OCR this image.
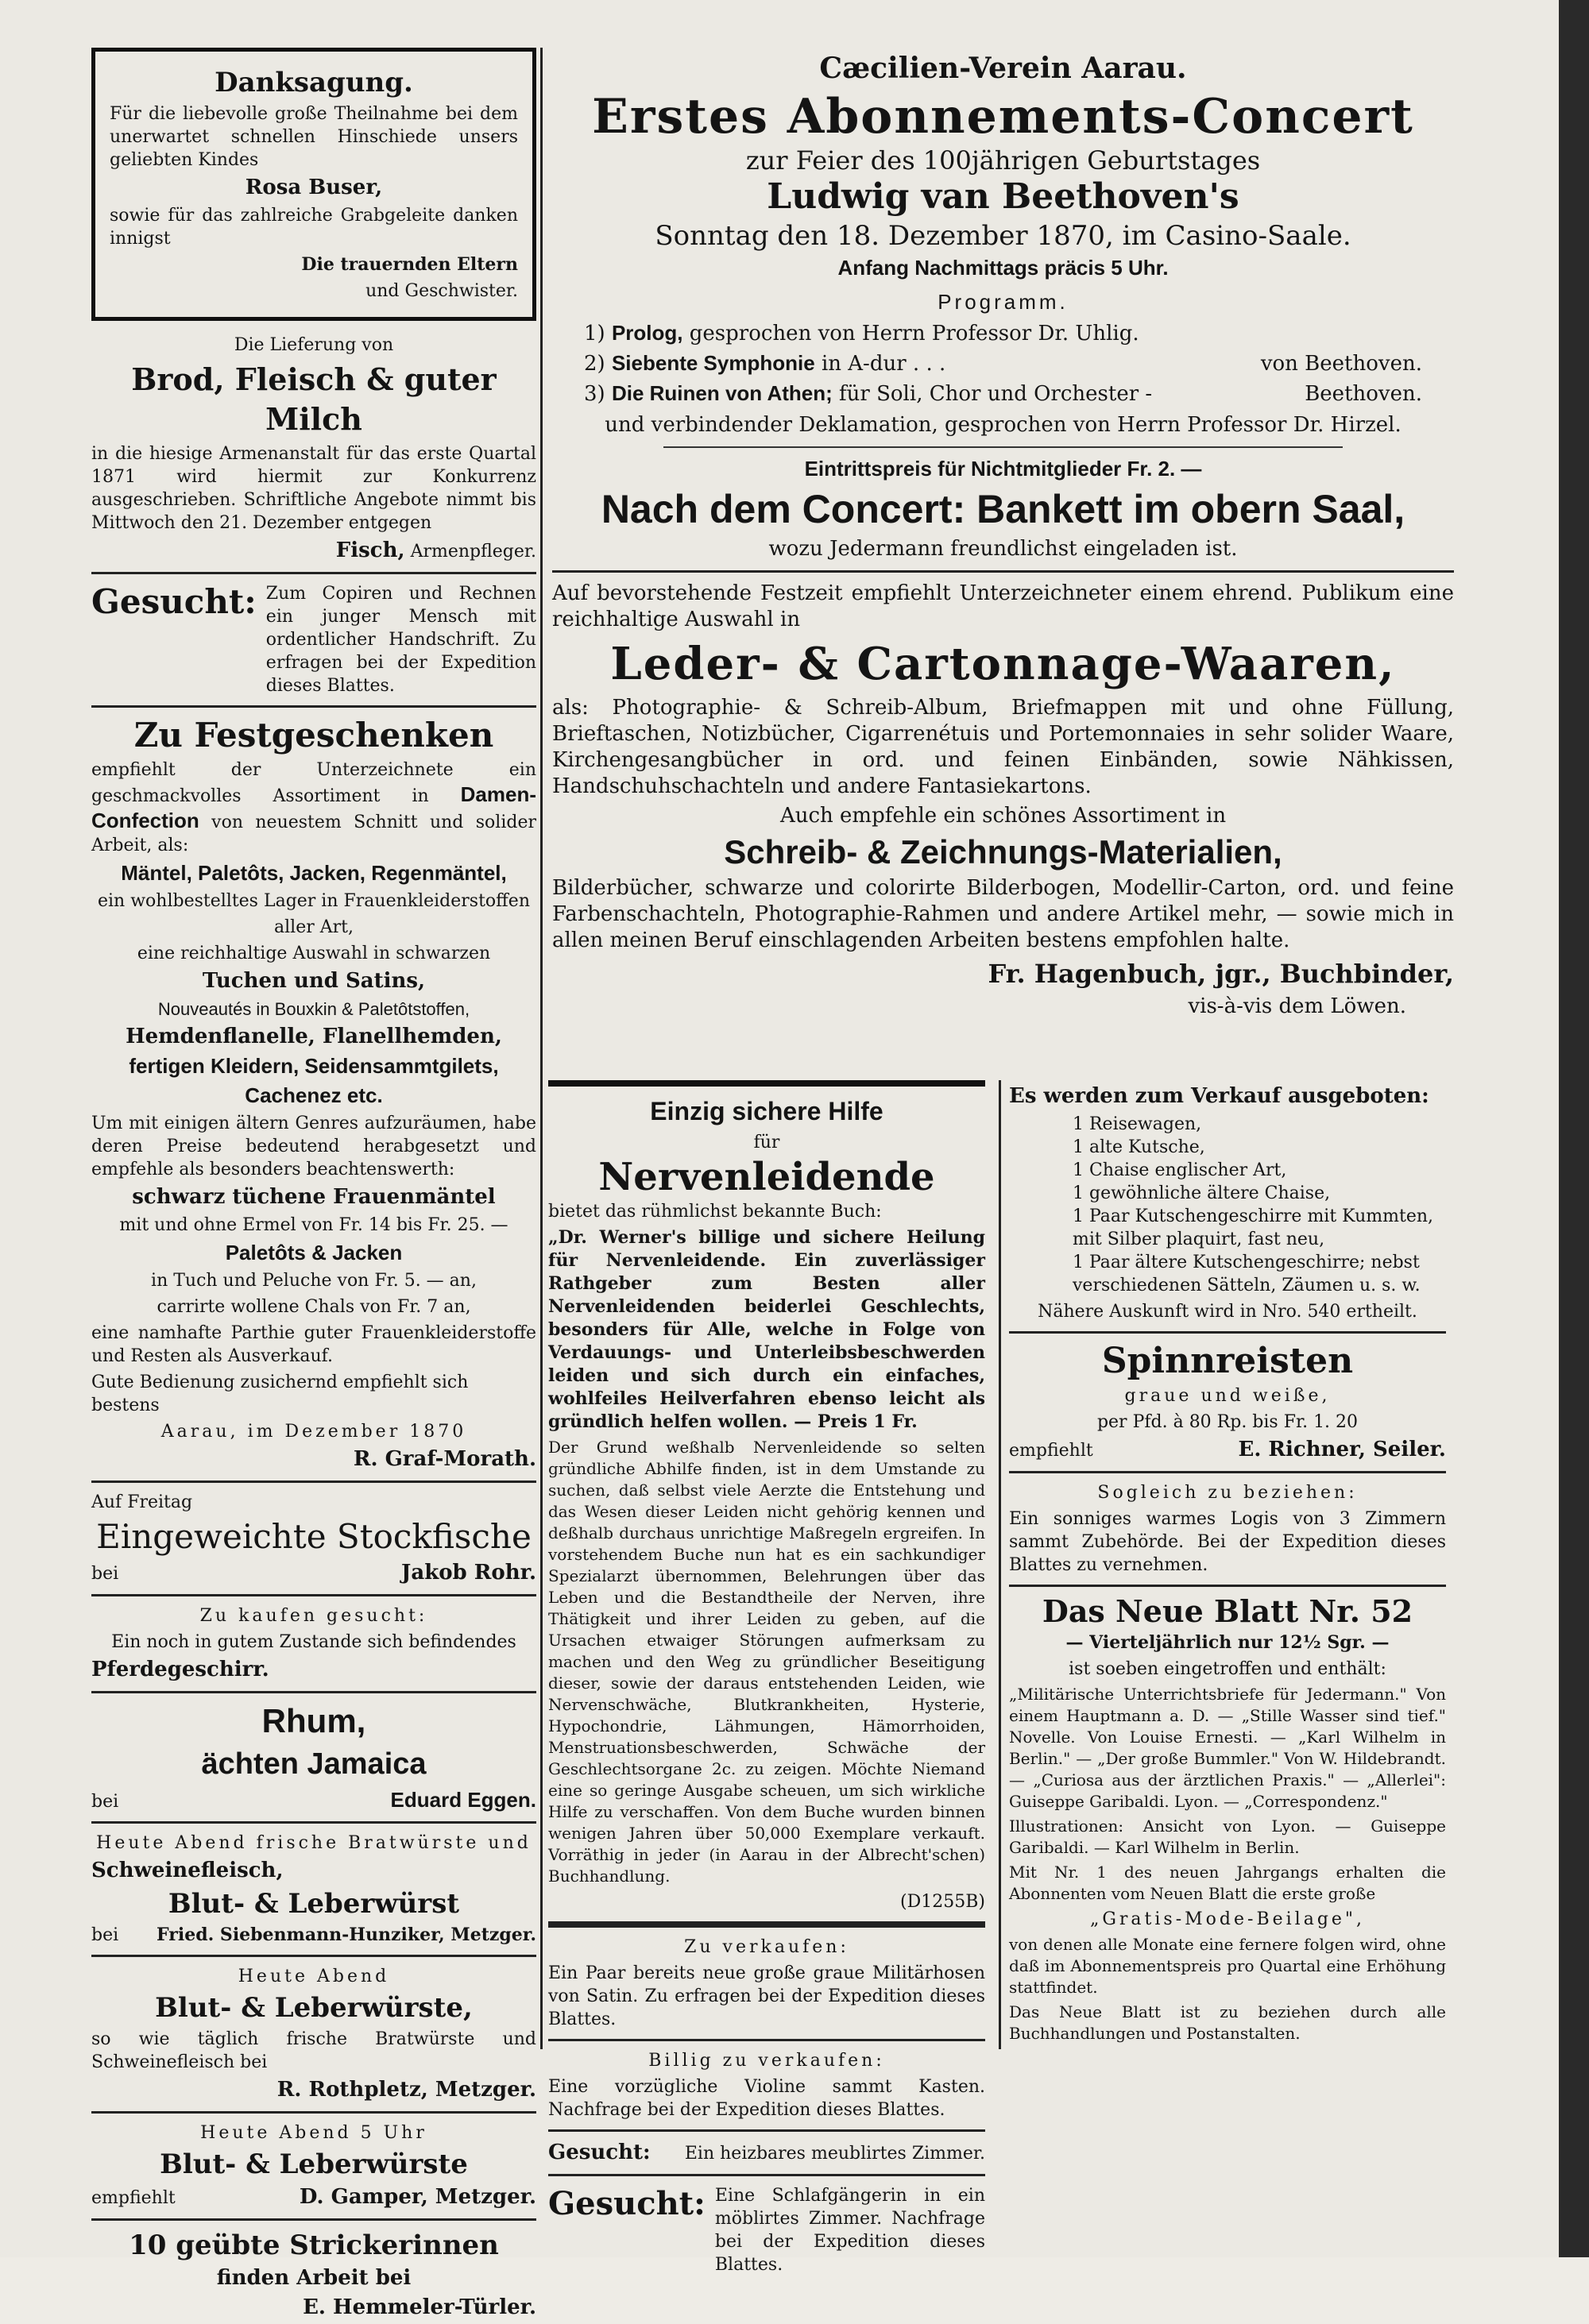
Danksagung.

Für die liebevolle große Theilnahme bei dem unerwartet schnellen Hinschiede unsers geliebten Kindes

Rosa Buser,

sowie für das zahlreiche Grabgeleite danken innigst

Die trauernden Eltern

und Geschwister.

Die Lieferung von

Brod, Fleisch & guter Milch

in die hiesige Armenanstalt für das erste Quartal 1871 wird hiermit zur Konkurrenz ausgeschrieben. Schriftliche Angebote nimmt bis Mittwoch den 21. Dezember entgegen

Fisch, Armenpfleger.

Gesucht: Zum Copiren und Rechnen ein junger Mensch mit ordentlicher Handschrift. Zu erfragen bei der Expedition dieses Blattes.

Zu Festgeschenken

empfiehlt der Unterzeichnete ein geschmackvolles Assortiment in Damen-Confection von neuestem Schnitt und solider Arbeit, als:

Mäntel, Paletôts, Jacken, Regenmäntel,

ein wohlbestelltes Lager in Frauenkleiderstoffen

aller Art,

eine reichhaltige Auswahl in schwarzen

Tuchen und Satins,

Nouveautés in Bouxkin & Paletôtstoffen,

Hemdenflanelle, Flanellhemden,

fertigen Kleidern, Seidensammtgilets,

Cachenez etc.

Um mit einigen ältern Genres aufzuräumen, habe deren Preise bedeutend herabgesetzt und empfehle als besonders beachtenswerth:

schwarz tüchene Frauenmäntel

mit und ohne Ermel von Fr. 14 bis Fr. 25. —

Paletôts & Jacken

in Tuch und Peluche von Fr. 5. — an,

carrirte wollene Chals von Fr. 7 an,

eine namhafte Parthie guter Frauenkleiderstoffe und Resten als Ausverkauf.

Gute Bedienung zusichernd empfiehlt sich bestens

Aarau, im Dezember 1870

R. Graf-Morath.

Auf Freitag

Eingeweichte Stockfische

bei	Jakob Rohr.

Zu kaufen gesucht:

Ein noch in gutem Zustande sich befindendes

Pferdegeschirr.

Rhum,

ächten Jamaica

bei	Eduard Eggen.

Heute Abend frische Bratwürste und

Schweinefleisch,

Blut- & Leberwürst

bei Fried. Siebenmann-Hunziker, Metzger.

Heute Abend

Blut- & Leberwürste,

so wie täglich frische Bratwürste und Schweinefleisch bei

R. Rothpletz, Metzger.

Heute Abend 5 Uhr

Blut- & Leberwürste

empfiehlt	D. Gamper, Metzger.

10 geübte Strickerinnen

finden Arbeit bei

E. Hemmeler-Türler.

Cæcilien-Verein Aarau.

Erstes Abonnements-Concert

zur Feier des 100jährigen Geburtstages

Ludwig van Beethoven's

Sonntag den 18. Dezember 1870, im Casino-Saale.

Anfang Nachmittags präcis 5 Uhr.

Programm.

1) Prolog, gesprochen von Herrn Professor Dr. Uhlig.
2) Siebente Symphonie in A-dur . . .	von Beethoven.
3) Die Ruinen von Athen; für Soli, Chor und Orchester -	Beethoven.

und verbindender Deklamation, gesprochen von Herrn Professor Dr. Hirzel.

Eintrittspreis für Nichtmitglieder Fr. 2. —

Nach dem Concert: Bankett im obern Saal,

wozu Jedermann freundlichst eingeladen ist.

Auf bevorstehende Festzeit empfiehlt Unterzeichneter einem ehrend. Publikum eine reichhaltige Auswahl in

Leder- & Cartonnage-Waaren,

als: Photographie- & Schreib-Album, Briefmappen mit und ohne Füllung, Brieftaschen, Notizbücher, Cigarrenétuis und Portemonnaies in sehr solider Waare, Kirchengesangbücher in ord. und feinen Einbänden, sowie Nähkissen, Handschuhschachteln und andere Fantasiekartons.

Auch empfehle ein schönes Assortiment in

Schreib- & Zeichnungs-Materialien,

Bilderbücher, schwarze und colorirte Bilderbogen, Modellir-Carton, ord. und feine Farbenschachteln, Photographie-Rahmen und andere Artikel mehr, — sowie mich in allen meinen Beruf einschlagenden Arbeiten bestens empfohlen halte.

Fr. Hagenbuch, jgr., Buchbinder,

vis-à-vis dem Löwen.

Einzig sichere Hilfe

für

Nervenleidende

bietet das rühmlichst bekannte Buch:

„Dr. Werner's billige und sichere Heilung für Nervenleidende. Ein zuverlässiger Rathgeber zum Besten aller Nervenleidenden beiderlei Geschlechts, besonders für Alle, welche in Folge von Verdauungs- und Unterleibsbeschwerden leiden und sich durch ein einfaches, wohlfeiles Heilverfahren ebenso leicht als gründlich helfen wollen. — Preis 1 Fr.

Der Grund weßhalb Nervenleidende so selten gründliche Abhilfe finden, ist in dem Umstande zu suchen, daß selbst viele Aerzte die Entstehung und das Wesen dieser Leiden nicht gehörig kennen und deßhalb durchaus unrichtige Maßregeln ergreifen. In vorstehendem Buche nun hat es ein sachkundiger Spezialarzt übernommen, Belehrungen über das Leben und die Bestandtheile der Nerven, ihre Thätigkeit und ihrer Leiden zu geben, auf die Ursachen etwaiger Störungen aufmerksam zu machen und den Weg zu gründlicher Beseitigung dieser, sowie der daraus entstehenden Leiden, wie Nervenschwäche, Blutkrankheiten, Hysterie, Hypochondrie, Lähmungen, Hämorrhoiden, Menstruationsbeschwerden, Schwäche der Geschlechtsorgane 2c. zu zeigen. Möchte Niemand eine so geringe Ausgabe scheuen, um sich wirkliche Hilfe zu verschaffen. Von dem Buche wurden binnen wenigen Jahren über 50,000 Exemplare verkauft. Vorräthig in jeder (in Aarau in der Albrecht'schen) Buchhandlung.

(D1255B)

Zu verkaufen:

Ein Paar bereits neue große graue Militärhosen von Satin. Zu erfragen bei der Expedition dieses Blattes.

Billig zu verkaufen:

Eine vorzügliche Violine sammt Kasten. Nachfrage bei der Expedition dieses Blattes.

Gesucht: Ein heizbares meublirtes Zimmer.
Gesucht: Eine Schlafgängerin in ein möblirtes Zimmer. Nachfrage bei der Expedition dieses Blattes.

Es werden zum Verkauf ausgeboten:

1 Reisewagen,
1 alte Kutsche,
1 Chaise englischer Art,
1 gewöhnliche ältere Chaise,
1 Paar Kutschengeschirre mit Kummten, mit Silber plaquirt, fast neu,
1 Paar ältere Kutschengeschirre; nebst verschiedenen Sätteln, Zäumen u. s. w.

Nähere Auskunft wird in Nro. 540 ertheilt.

Spinnreisten

graue und weiße,

per Pfd. à 80 Rp. bis Fr. 1. 20

empfiehlt	E. Richner, Seiler.

Sogleich zu beziehen:

Ein sonniges warmes Logis von 3 Zimmern sammt Zubehörde. Bei der Expedition dieses Blattes zu vernehmen.

Das Neue Blatt Nr. 52

— Vierteljährlich nur 12½ Sgr. —

ist soeben eingetroffen und enthält:

„Militärische Unterrichtsbriefe für Jedermann." Von einem Hauptmann a. D. — „Stille Wasser sind tief." Novelle. Von Louise Ernesti. — „Karl Wilhelm in Berlin." — „Der große Bummler." Von W. Hildebrandt. — „Curiosa aus der ärztlichen Praxis." — „Allerlei": Guiseppe Garibaldi. Lyon. — „Correspondenz."

Illustrationen: Ansicht von Lyon. — Guiseppe Garibaldi. — Karl Wilhelm in Berlin.

Mit Nr. 1 des neuen Jahrgangs erhalten die Abonnenten vom Neuen Blatt die erste große

„Gratis-Mode-Beilage",

von denen alle Monate eine fernere folgen wird, ohne daß im Abonnementspreis pro Quartal eine Erhöhung stattfindet.

Das Neue Blatt ist zu beziehen durch alle Buchhandlungen und Postanstalten.
